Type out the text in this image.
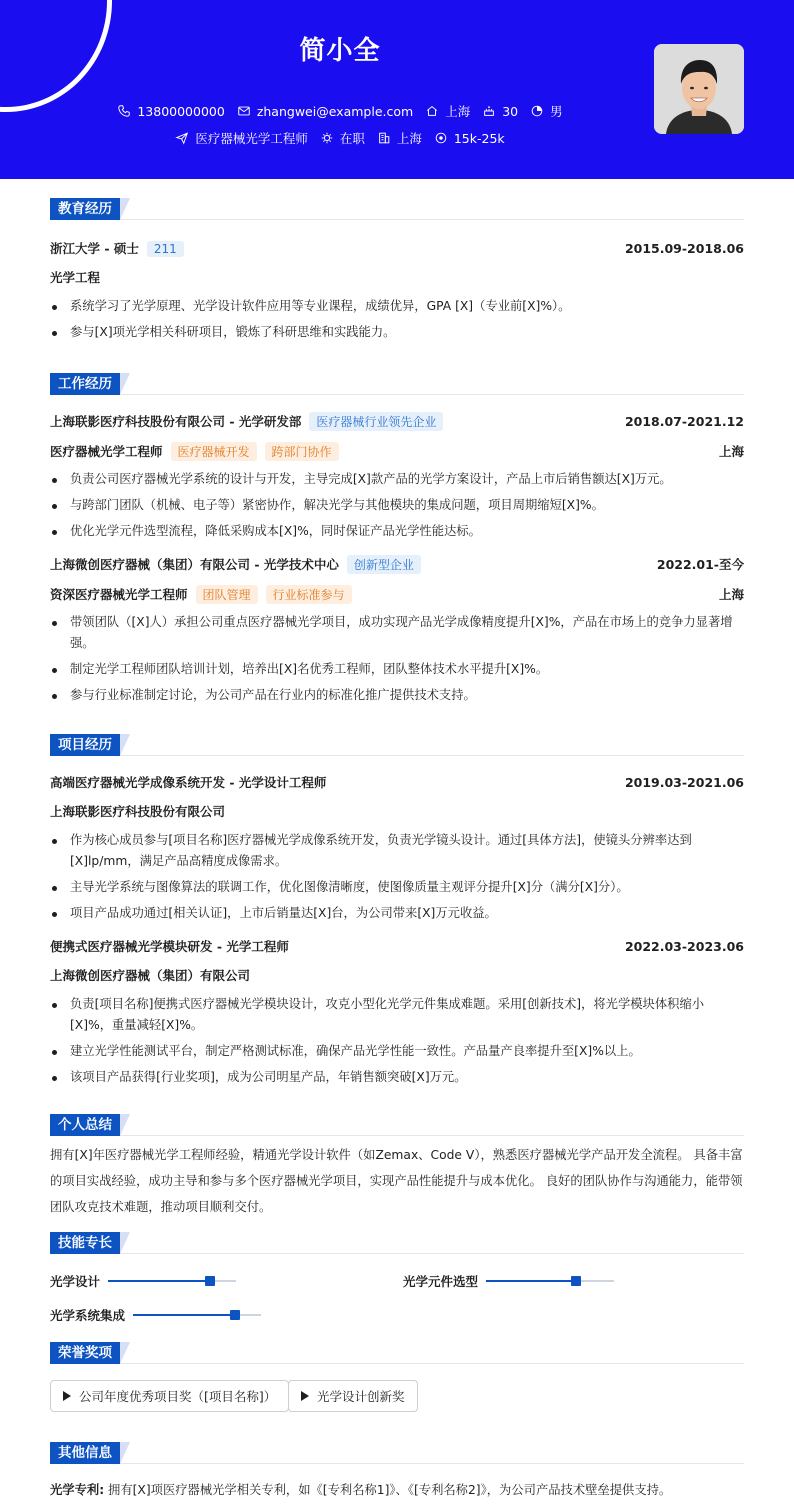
简小全
13800000000	zhangwei@example.com	上海	30	男
医疗器械光学工程师	在职	上海	15k-25k
教育经历
浙江大学 - 硕士 211	2015.09-2018.06
光学工程
系统学习了光学原理、光学设计软件应用等专业课程，成绩优异，GPA [X]（专业前[X]%）。
参与[X]项光学相关科研项目，锻炼了科研思维和实践能力。
工作经历
上海联影医疗科技股份有限公司 - 光学研发部 医疗器械行业领先企业	2018.07-2021.12
医疗器械光学工程师 医疗器械开发 跨部门协作	上海
负责公司医疗器械光学系统的设计与开发，主导完成[X]款产品的光学方案设计，产品上市后销售额达[X]万元。
与跨部门团队（机械、电子等）紧密协作，解决光学与其他模块的集成问题，项目周期缩短[X]%。
优化光学元件选型流程，降低采购成本[X]%，同时保证产品光学性能达标。
上海微创医疗器械（集团）有限公司 - 光学技术中心 创新型企业	2022.01-至今
资深医疗器械光学工程师 团队管理 行业标准参与	上海
带领团队（[X]人）承担公司重点医疗器械光学项目，成功实现产品光学成像精度提升[X]%，产品在市场上的竞争力显著增强。
制定光学工程师团队培训计划，培养出[X]名优秀工程师，团队整体技术水平提升[X]%。
参与行业标准制定讨论，为公司产品在行业内的标准化推广提供技术支持。
项目经历
高端医疗器械光学成像系统开发 - 光学设计工程师	2019.03-2021.06
上海联影医疗科技股份有限公司
作为核心成员参与[项目名称]医疗器械光学成像系统开发，负责光学镜头设计。通过[具体方法]，使镜头分辨率达到[X]lp/mm，满足产品高精度成像需求。
主导光学系统与图像算法的联调工作，优化图像清晰度，使图像质量主观评分提升[X]分（满分[X]分）。
项目产品成功通过[相关认证]，上市后销量达[X]台，为公司带来[X]万元收益。
便携式医疗器械光学模块研发 - 光学工程师	2022.03-2023.06
上海微创医疗器械（集团）有限公司
负责[项目名称]便携式医疗器械光学模块设计，攻克小型化光学元件集成难题。采用[创新技术]，将光学模块体积缩小[X]%，重量减轻[X]%。
建立光学性能测试平台，制定严格测试标准，确保产品光学性能一致性。产品量产良率提升至[X]%以上。
该项目产品获得[行业奖项]，成为公司明星产品，年销售额突破[X]万元。
个人总结
拥有[X]年医疗器械光学工程师经验，精通光学设计软件（如Zemax、Code V），熟悉医疗器械光学产品开发全流程。 具备丰富的项目实战经验，成功主导和参与多个医疗器械光学项目，实现产品性能提升与成本优化。 良好的团队协作与沟通能力，能带领团队攻克技术难题，推动项目顺利交付。
技能专长
光学设计	光学元件选型
光学系统集成
荣誉奖项
公司年度优秀项目奖（[项目名称]）	光学设计创新奖
其他信息
光学专利: 拥有[X]项医疗器械光学相关专利，如《[专利名称1]》、《[专利名称2]》，为公司产品技术壁垒提供支持。
